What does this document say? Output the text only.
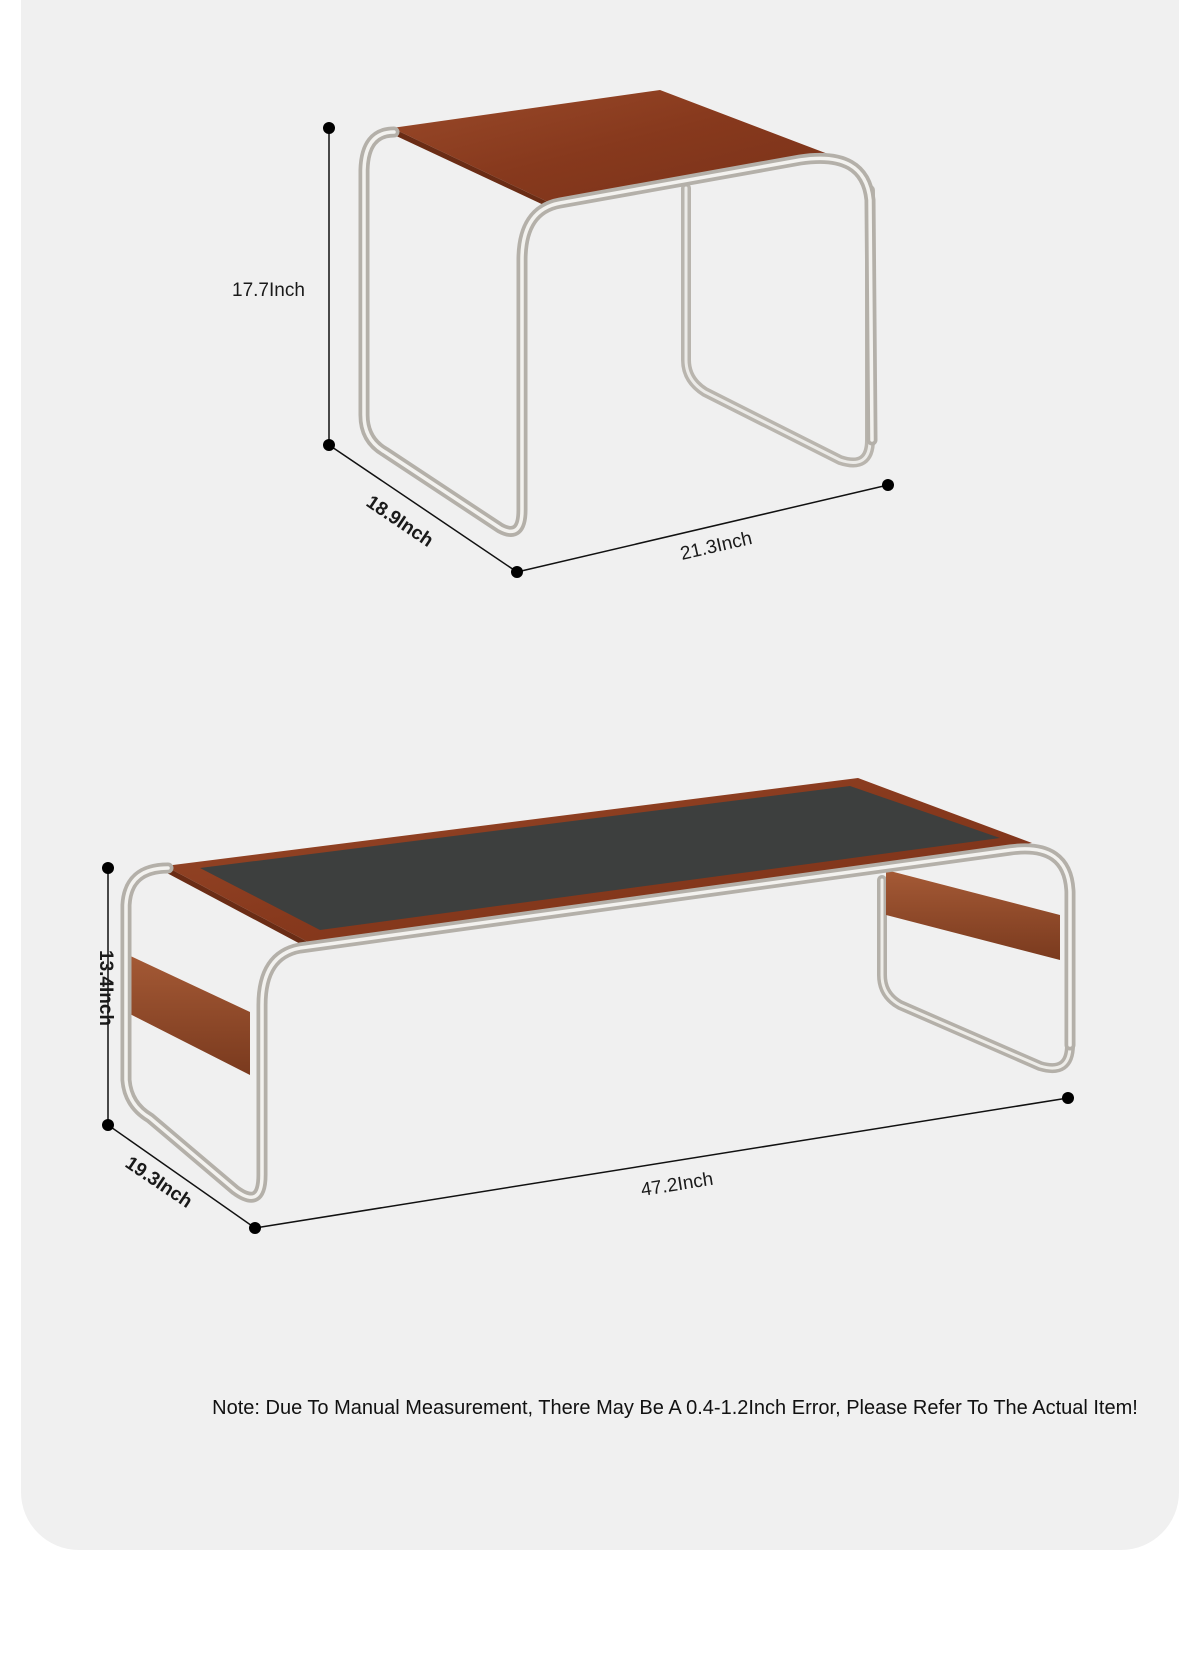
17.7Inch
18.9Inch	21.3Inch
13.4Inch
19.3Inch	47.2Inch
Note: Due To Manual Measurement, There May Be A 0.4-1.2Inch Error, Please Refer To The Actual Item!
